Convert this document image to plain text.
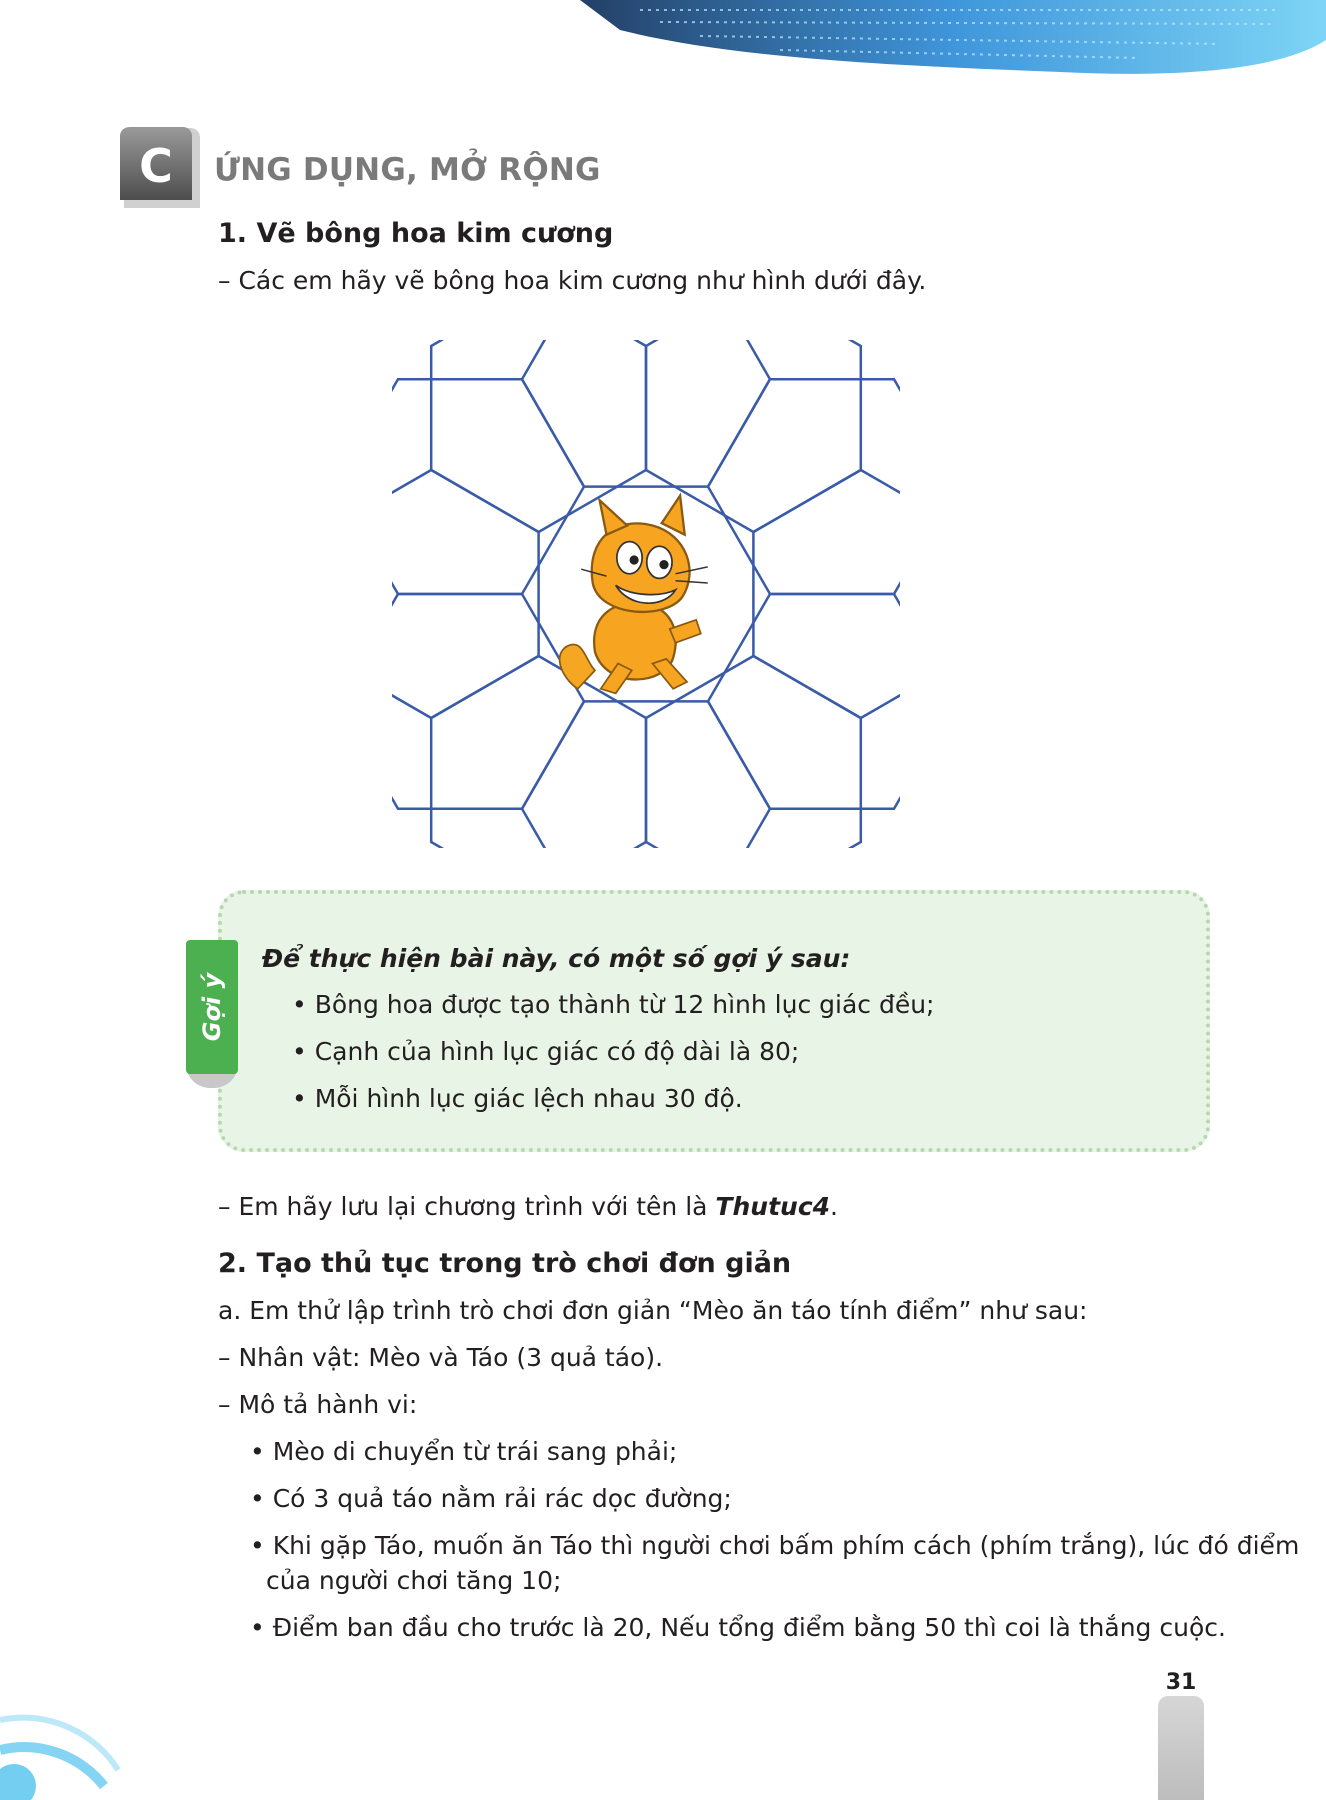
C ỨNG DỤNG, MỞ RỘNG
1. Vẽ bông hoa kim cương
– Các em hãy vẽ bông hoa kim cương như hình dưới đây.
Gợi ý
Để thực hiện bài này, có một số gợi ý sau:
• Bông hoa được tạo thành từ 12 hình lục giác đều;
• Cạnh của hình lục giác có độ dài là 80;
• Mỗi hình lục giác lệch nhau 30 độ.
– Em hãy lưu lại chương trình với tên là Thutuc4.
2. Tạo thủ tục trong trò chơi đơn giản
a. Em thử lập trình trò chơi đơn giản “Mèo ăn táo tính điểm” như sau:
– Nhân vật: Mèo và Táo (3 quả táo).
– Mô tả hành vi:
• Mèo di chuyển từ trái sang phải;
• Có 3 quả táo nằm rải rác dọc đường;
• Khi gặp Táo, muốn ăn Táo thì người chơi bấm phím cách (phím trắng), lúc đó điểm
của người chơi tăng 10;
• Điểm ban đầu cho trước là 20, Nếu tổng điểm bằng 50 thì coi là thắng cuộc.
31
